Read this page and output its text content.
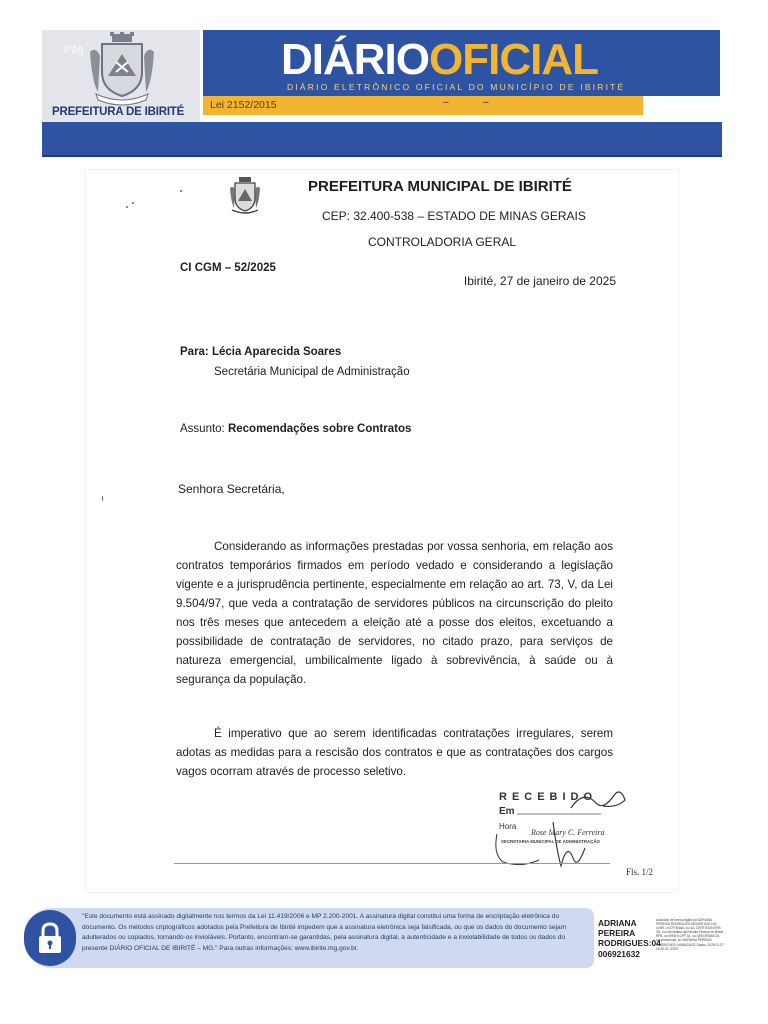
Pág
PREFEITURA DE IBIRITÉ
DIÁRIOOFICIAL
DIÁRIO ELETRÔNICO OFICIAL DO MUNICÍPIO DE IBIRITÉ
Lei 2152/2015	–	–
PREFEITURA MUNICIPAL DE IBIRITÉ
CEP: 32.400-538 – ESTADO DE MINAS GERAIS
CONTROLADORIA GERAL
CI CGM – 52/2025
Ibirité, 27 de janeiro de 2025
Para: Lécia Aparecida Soares
Secretária Municipal de Administração
Assunto: Recomendações sobre Contratos
Senhora Secretária,
Considerando as informações prestadas por vossa senhoria, em relação aos contratos temporários firmados em período vedado e considerando a legislação vigente e a jurisprudência pertinente, especialmente em relação ao art. 73, V, da Lei 9.504/97, que veda a contratação de servidores públicos na circunscrição do pleito nos três meses que antecedem a eleição até a posse dos eleitos, excetuando a possibilidade de contratação de servidores, no citado prazo, para serviços de natureza emergencial, umbilicalmente ligado à sobrevivência, à saúde ou à segurança da população.
É imperativo que ao serem identificadas contratações irregulares, serem adotas as medidas para a rescisão dos contratos e que as contratações dos cargos vagos ocorram através de processo seletivo.
RECEBIDO
Em
Hora
Rose Mary C. Ferreira
SECRETARIA MUNICIPAL DE ADMINISTRAÇÃO
Fls. 1/2
"Este documento está assinado digitalmente nos termos da Lei 11.419/2006 e MP 2.200-2001. A assinatura digital constitui uma forma de encriptação eletrônica do documento. Os métodos criptográficos adotados pela Prefeitura de Ibirité impedem que a assinatura eletrônica seja falsificada, ou que os dados do documento sejam adulterados ou copiados, tornando-os invioláveis. Portanto, encontram-se garantidas, pela assinatura digital, a autenticidade e a inviolabilidade de todos os dados do presente DIÁRIO OFICIAL DE IBIRITÉ – MG." Para outras informações: www.ibirite.mg.gov.br.
ADRIANA
PEREIRA
RODRIGUES:04
006921632
Assinado de forma digital por ADRIANA PEREIRA RODRIGUES:04006921632 DN: c=BR, o=ICP-Brasil, ou=AC CERTISIGN RFB G5, ou=Secretaria da Receita Federal do Brasil - RFB, ou=RFB e-CPF A1, ou=(EM BRANCO), ou=presencial, cn=ADRIANA PEREIRA RODRIGUES:04006921632 Dados: 2025.01.27 16:30:31 -03'00'
